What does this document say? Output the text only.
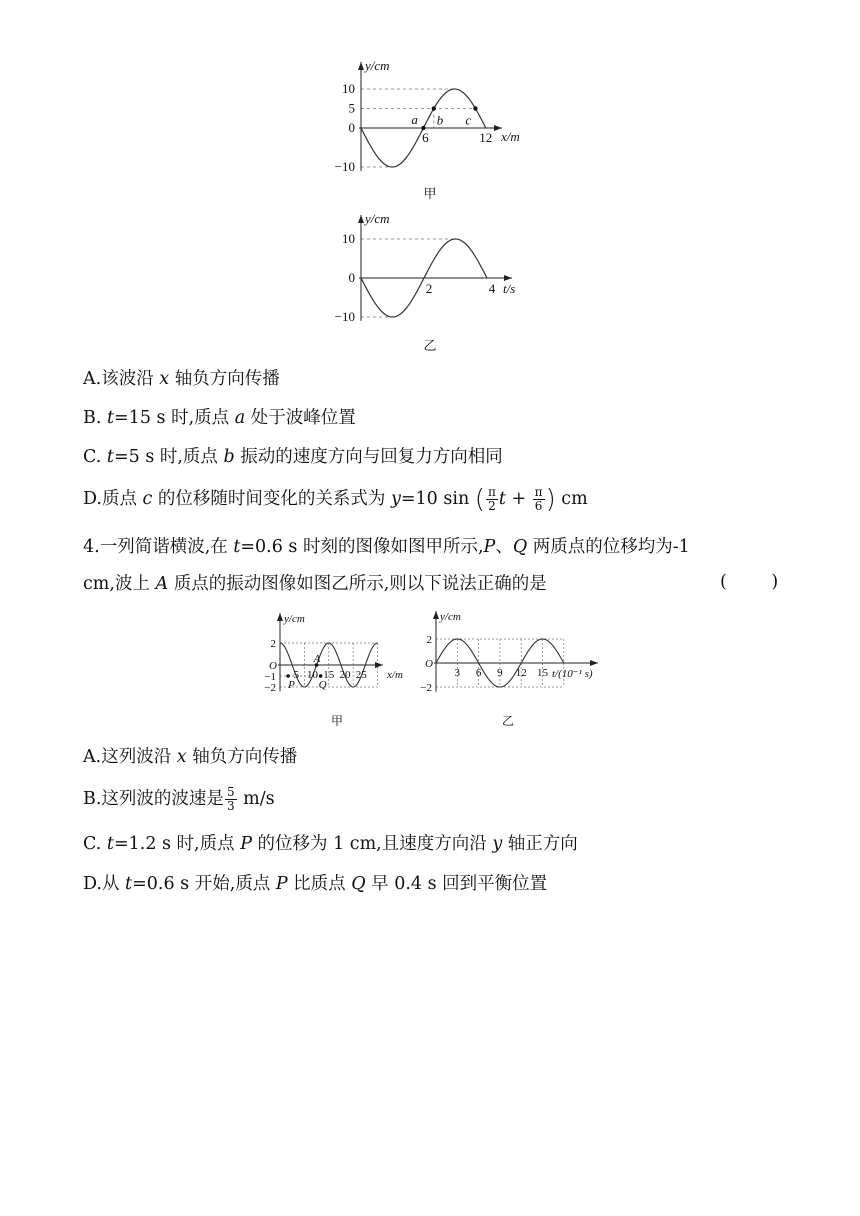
y/cm
x/m
10
5
0
−10
6	12
a b c
甲
y/cm
t/s
10
0
−10
2	4
乙
A.该波沿 x 轴负方向传播
B. t=15 s 时,质点 a 处于波峰位置
C. t=5 s 时,质点 b 振动的速度方向与回复力方向相同
D.质点 c 的位移随时间变化的关系式为 y=10 sin ( $\frac{\pi}{2}$ $t + \frac{\pi}{6}$ ) cm
4.一列简谐横波,在 t=0.6 s 时刻的图像如图甲所示,P、Q 两质点的位移均为-1
cm,波上 A 质点的振动图像如图乙所示,则以下说法正确的是	(        )
y/cm
x/m
O
2
−1
−2
5 10 15 20 25
P
A
Q
甲
y/cm
t/(10⁻¹ s)
O
2
−2
3 6 9 12 15
乙
A.这列波沿 x 轴负方向传播
B.这列波的波速是 $\frac{5}{3} m/s$
C. t=1.2 s 时,质点 P 的位移为 1 cm,且速度方向沿 y 轴正方向
D.从 t=0.6 s 开始,质点 P 比质点 Q 早 0.4 s 回到平衡位置
